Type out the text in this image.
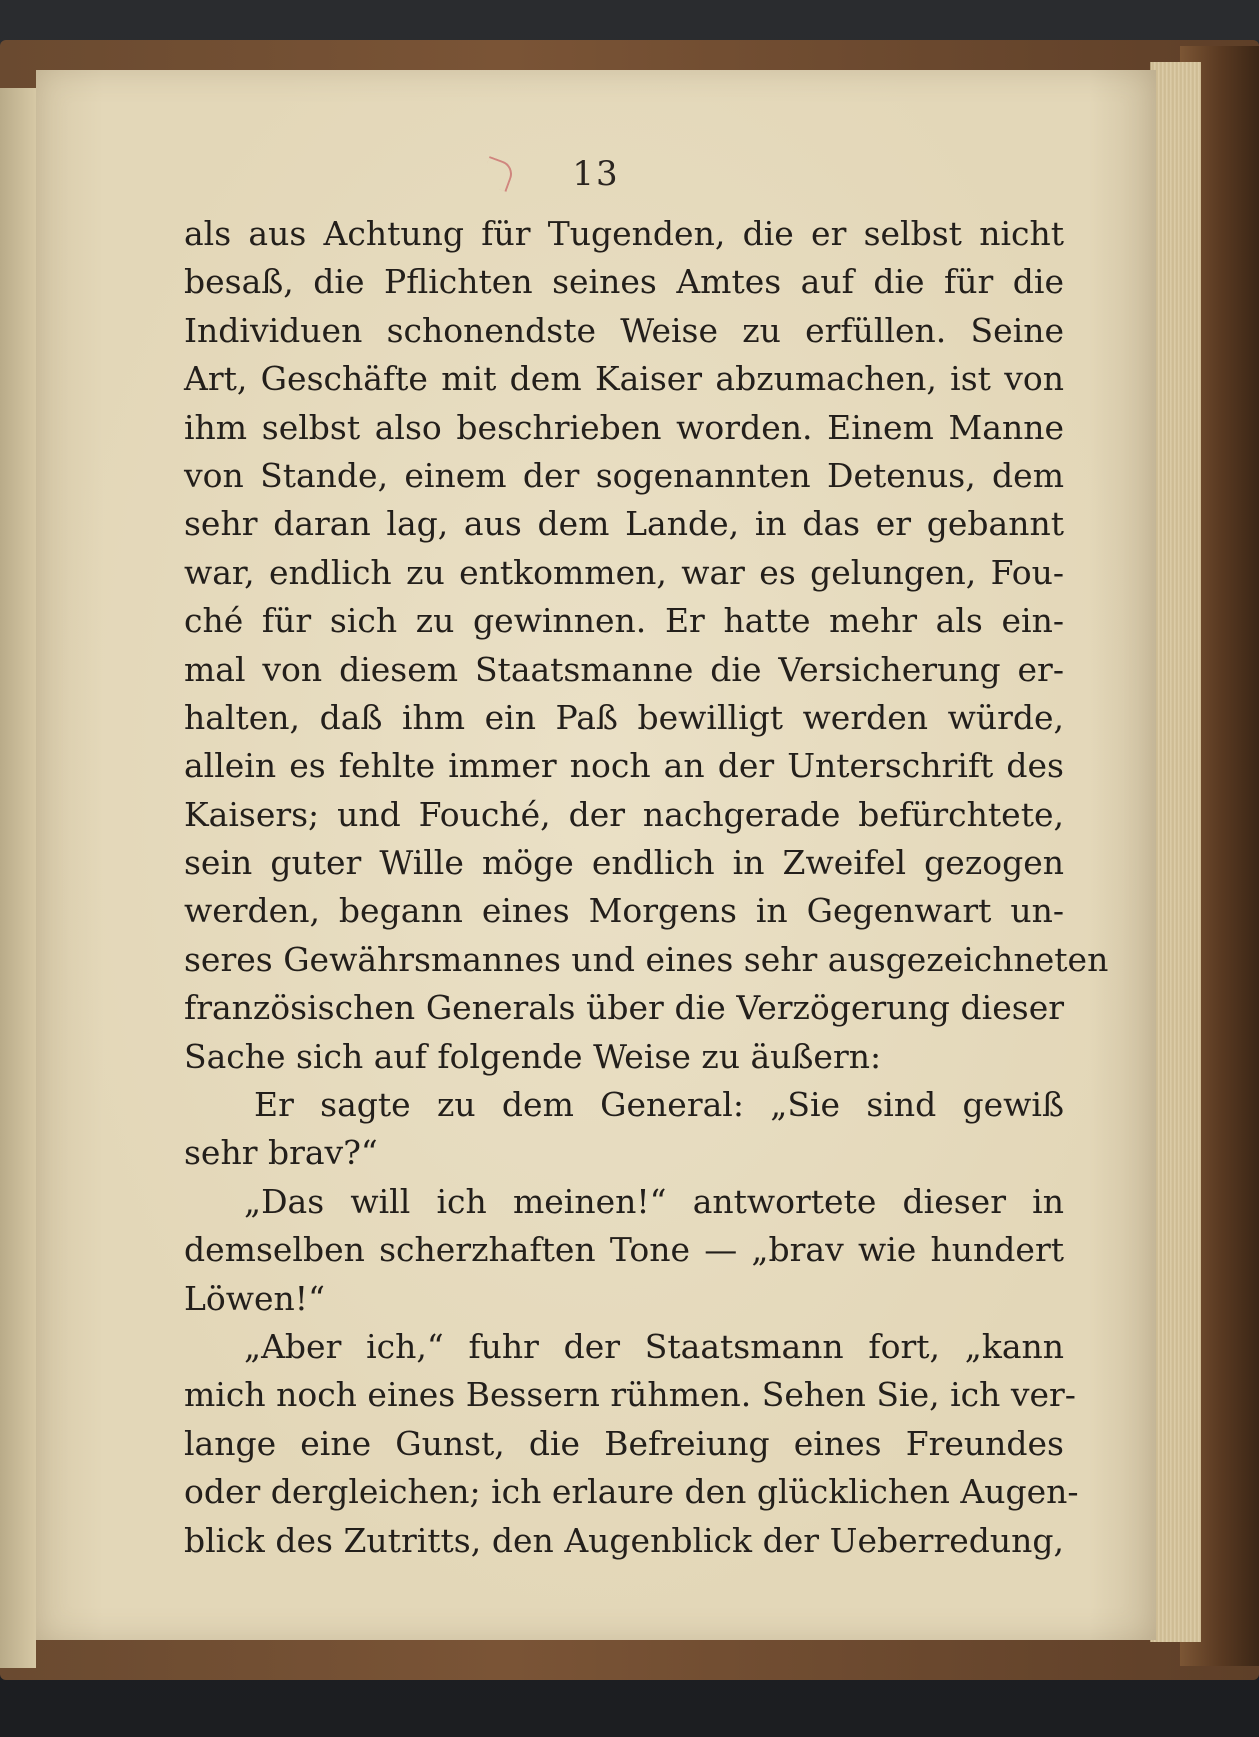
13
als aus Achtung für Tugenden, die er selbst nicht
besaß, die Pflichten seines Amtes auf die für die
Individuen schonendste Weise zu erfüllen. Seine
Art, Geschäfte mit dem Kaiser abzumachen, ist von
ihm selbst also beschrieben worden. Einem Manne
von Stande, einem der sogenannten Detenus, dem
sehr daran lag, aus dem Lande, in das er gebannt
war, endlich zu entkommen, war es gelungen, Fou-
ché für sich zu gewinnen. Er hatte mehr als ein-
mal von diesem Staatsmanne die Versicherung er-
halten, daß ihm ein Paß bewilligt werden würde,
allein es fehlte immer noch an der Unterschrift des
Kaisers; und Fouché, der nachgerade befürchtete,
sein guter Wille möge endlich in Zweifel gezogen
werden, begann eines Morgens in Gegenwart un-
seres Gewährsmannes und eines sehr ausgezeichneten
französischen Generals über die Verzögerung dieser
Sache sich auf folgende Weise zu äußern:
Er sagte zu dem General: „Sie sind gewiß
sehr brav?“
„Das will ich meinen!“ antwortete dieser in
demselben scherzhaften Tone — „brav wie hundert
Löwen!“
„Aber ich,“ fuhr der Staatsmann fort, „kann
mich noch eines Bessern rühmen. Sehen Sie, ich ver-
lange eine Gunst, die Befreiung eines Freundes
oder dergleichen; ich erlaure den glücklichen Augen-
blick des Zutritts, den Augenblick der Ueberredung,
